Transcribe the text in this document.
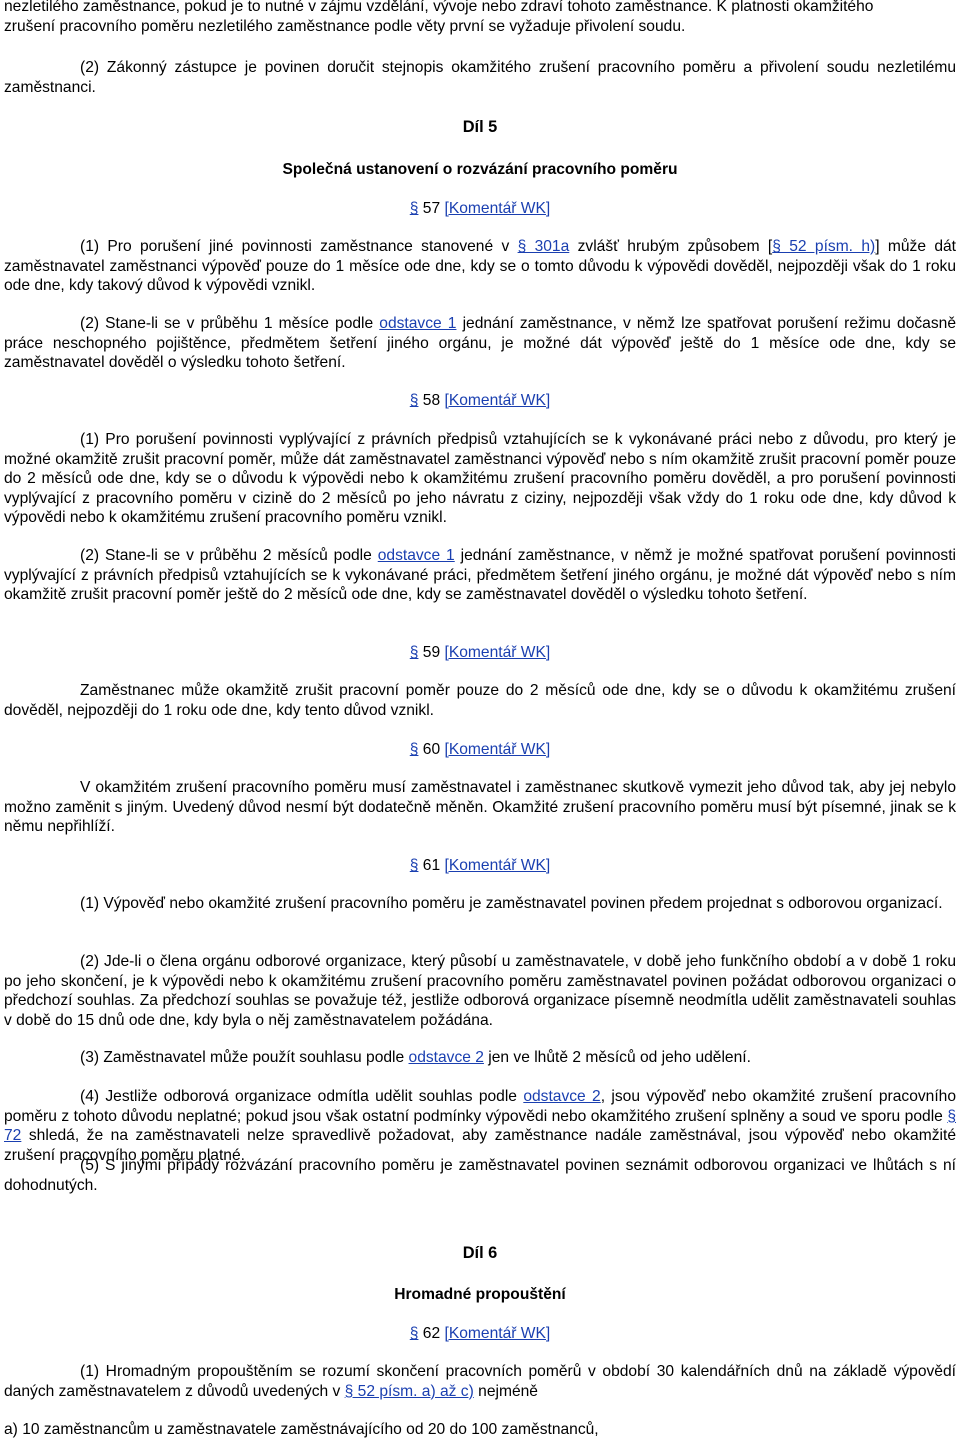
nezletilého zaměstnance, pokud je to nutné v zájmu vzdělání, vývoje nebo zdraví tohoto zaměstnance. K platnosti okamžitého
zrušení pracovního poměru nezletilého zaměstnance podle věty první se vyžaduje přivolení soudu.

(2) Zákonný zástupce je povinen doručit stejnopis okamžitého zrušení pracovního poměru a přivolení soudu nezletilému zaměstnanci.

Díl 5

Společná ustanovení o rozvázání pracovního poměru

§ 57 [Komentář WK]

(1) Pro porušení jiné povinnosti zaměstnance stanovené v § 301a zvlášť hrubým způsobem [§ 52 písm. h)] může dát zaměstnavatel zaměstnanci výpověď pouze do 1 měsíce ode dne, kdy se o tomto důvodu k výpovědi dověděl, nejpozději však do 1 roku ode dne, kdy takový důvod k výpovědi vznikl.

(2) Stane-li se v průběhu 1 měsíce podle odstavce 1 jednání zaměstnance, v němž lze spatřovat porušení režimu dočasně práce neschopného pojištěnce, předmětem šetření jiného orgánu, je možné dát výpověď ještě do 1 měsíce ode dne, kdy se zaměstnavatel dověděl o výsledku tohoto šetření.

§ 58 [Komentář WK]

(1) Pro porušení povinnosti vyplývající z právních předpisů vztahujících se k vykonávané práci nebo z důvodu, pro který je možné okamžitě zrušit pracovní poměr, může dát zaměstnavatel zaměstnanci výpověď nebo s ním okamžitě zrušit pracovní poměr pouze do 2 měsíců ode dne, kdy se o důvodu k výpovědi nebo k okamžitému zrušení pracovního poměru dověděl, a pro porušení povinnosti vyplývající z pracovního poměru v cizině do 2 měsíců po jeho návratu z ciziny, nejpozději však vždy do 1 roku ode dne, kdy důvod k výpovědi nebo k okamžitému zrušení pracovního poměru vznikl.

(2) Stane-li se v průběhu 2 měsíců podle odstavce 1 jednání zaměstnance, v němž je možné spatřovat porušení povinnosti vyplývající z právních předpisů vztahujících se k vykonávané práci, předmětem šetření jiného orgánu, je možné dát výpověď nebo s ním okamžitě zrušit pracovní poměr ještě do 2 měsíců ode dne, kdy se zaměstnavatel dověděl o výsledku tohoto šetření.

§ 59 [Komentář WK]

Zaměstnanec může okamžitě zrušit pracovní poměr pouze do 2 měsíců ode dne, kdy se o důvodu k okamžitému zrušení dověděl, nejpozději do 1 roku ode dne, kdy tento důvod vznikl.

§ 60 [Komentář WK]

V okamžitém zrušení pracovního poměru musí zaměstnavatel i zaměstnanec skutkově vymezit jeho důvod tak, aby jej nebylo možno zaměnit s jiným. Uvedený důvod nesmí být dodatečně měněn. Okamžité zrušení pracovního poměru musí být písemné, jinak se k němu nepřihlíží.

§ 61 [Komentář WK]

(1) Výpověď nebo okamžité zrušení pracovního poměru je zaměstnavatel povinen předem projednat s odborovou organizací.

(2) Jde-li o člena orgánu odborové organizace, který působí u zaměstnavatele, v době jeho funkčního období a v době 1 roku po jeho skončení, je k výpovědi nebo k okamžitému zrušení pracovního poměru zaměstnavatel povinen požádat odborovou organizaci o předchozí souhlas. Za předchozí souhlas se považuje též, jestliže odborová organizace písemně neodmítla udělit zaměstnavateli souhlas v době do 15 dnů ode dne, kdy byla o něj zaměstnavatelem požádána.

(3) Zaměstnavatel může použít souhlasu podle odstavce 2 jen ve lhůtě 2 měsíců od jeho udělení.

(4) Jestliže odborová organizace odmítla udělit souhlas podle odstavce 2, jsou výpověď nebo okamžité zrušení pracovního poměru z tohoto důvodu neplatné; pokud jsou však ostatní podmínky výpovědi nebo okamžitého zrušení splněny a soud ve sporu podle § 72 shledá, že na zaměstnavateli nelze spravedlivě požadovat, aby zaměstnance nadále zaměstnával, jsou výpověď nebo okamžité zrušení pracovního poměru platné.

(5) S jinými případy rozvázání pracovního poměru je zaměstnavatel povinen seznámit odborovou organizaci ve lhůtách s ní dohodnutých.

Díl 6

Hromadné propouštění

§ 62 [Komentář WK]

(1) Hromadným propouštěním se rozumí skončení pracovních poměrů v období 30 kalendářních dnů na základě výpovědí daných zaměstnavatelem z důvodů uvedených v § 52 písm. a) až c) nejméně

a) 10 zaměstnancům u zaměstnavatele zaměstnávajícího od 20 do 100 zaměstnanců,
